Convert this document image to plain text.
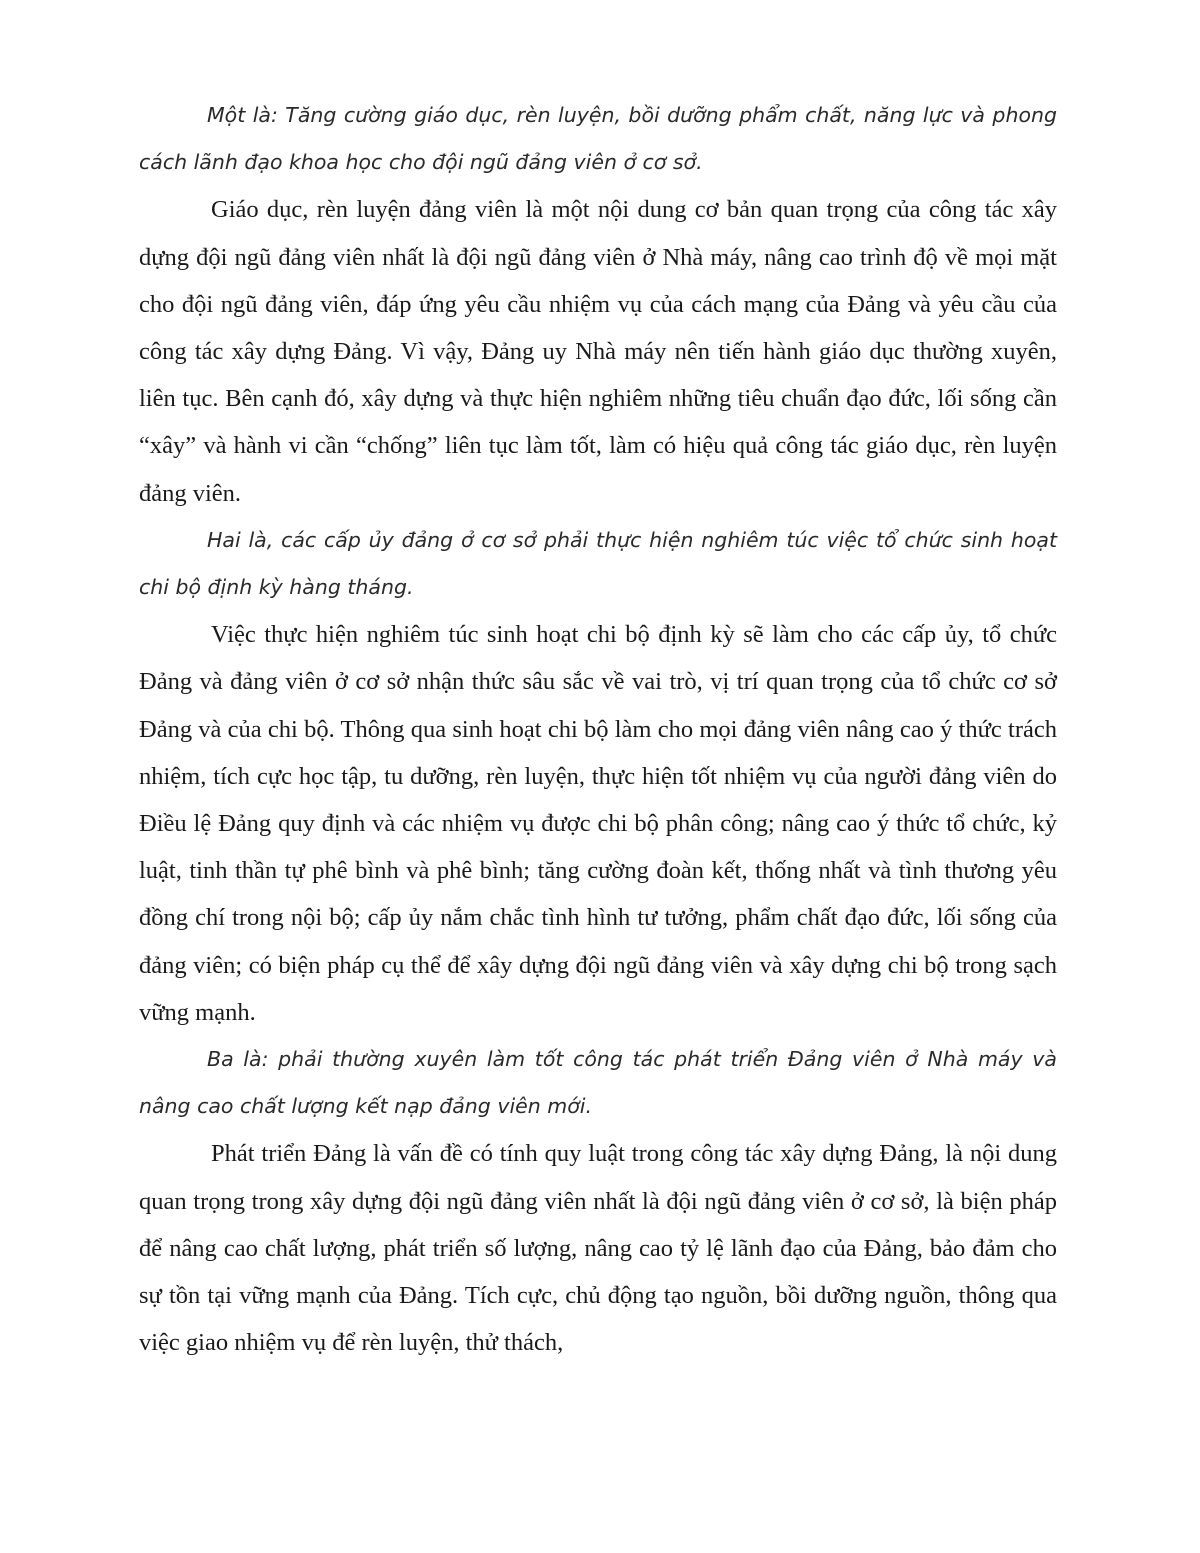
Một là: Tăng cường giáo dục, rèn luyện, bồi dưỡng phẩm chất, năng lực và phong cách lãnh đạo khoa học cho đội ngũ đảng viên ở cơ sở.

Giáo dục, rèn luyện đảng viên là một nội dung cơ bản quan trọng của công tác xây dựng đội ngũ đảng viên nhất là đội ngũ đảng viên ở Nhà máy, nâng cao trình độ về mọi mặt cho đội ngũ đảng viên, đáp ứng yêu cầu nhiệm vụ của cách mạng của Đảng và yêu cầu của công tác xây dựng Đảng. Vì vậy, Đảng uy Nhà máy nên tiến hành giáo dục thường xuyên, liên tục. Bên cạnh đó, xây dựng và thực hiện nghiêm những tiêu chuẩn đạo đức, lối sống cần “xây” và hành vi cần “chống” liên tục làm tốt, làm có hiệu quả công tác giáo dục, rèn luyện đảng viên.

Hai là, các cấp ủy đảng ở cơ sở phải thực hiện nghiêm túc việc tổ chức sinh hoạt chi bộ định kỳ hàng tháng.

Việc thực hiện nghiêm túc sinh hoạt chi bộ định kỳ sẽ làm cho các cấp ủy, tổ chức Đảng và đảng viên ở cơ sở nhận thức sâu sắc về vai trò, vị trí quan trọng của tổ chức cơ sở Đảng và của chi bộ. Thông qua sinh hoạt chi bộ làm cho mọi đảng viên nâng cao ý thức trách nhiệm, tích cực học tập, tu dưỡng, rèn luyện, thực hiện tốt nhiệm vụ của người đảng viên do Điều lệ Đảng quy định và các nhiệm vụ được chi bộ phân công; nâng cao ý thức tổ chức, kỷ luật, tinh thần tự phê bình và phê bình; tăng cường đoàn kết, thống nhất và tình thương yêu đồng chí trong nội bộ; cấp ủy nắm chắc tình hình tư tưởng, phẩm chất đạo đức, lối sống của đảng viên; có biện pháp cụ thể để xây dựng đội ngũ đảng viên và xây dựng chi bộ trong sạch vững mạnh.

Ba là: phải thường xuyên làm tốt công tác phát triển Đảng viên ở Nhà máy và nâng cao chất lượng kết nạp đảng viên mới.

Phát triển Đảng là vấn đề có tính quy luật trong công tác xây dựng Đảng, là nội dung quan trọng trong xây dựng đội ngũ đảng viên nhất là đội ngũ đảng viên ở cơ sở, là biện pháp để nâng cao chất lượng, phát triển số lượng, nâng cao tỷ lệ lãnh đạo của Đảng, bảo đảm cho sự tồn tại vững mạnh của Đảng. Tích cực, chủ động tạo nguồn, bồi dưỡng nguồn, thông qua việc giao nhiệm vụ để rèn luyện, thử thách,
